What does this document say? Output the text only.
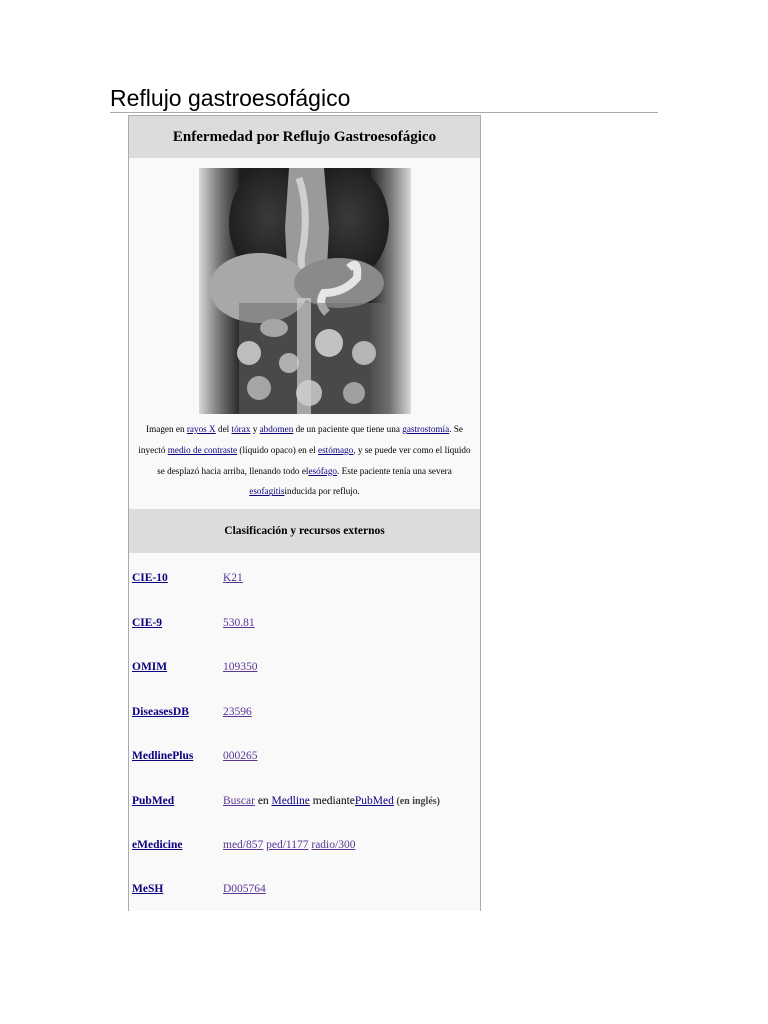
Reflujo gastroesofágico
Enfermedad por Reflujo Gastroesofágico
Imagen en rayos X del tórax y abdomen de un paciente que tiene una gastrostomía. Se inyectó medio de contraste (líquido opaco) en el estómago, y se puede ver como el líquido se desplazó hacia arriba, llenando todo elesófago. Este paciente tenía una severa esofagitisinducida por reflujo.
Clasificación y recursos externos
CIE-10	K21
CIE-9	530.81
OMIM	109350
DiseasesDB	23596
MedlinePlus	000265
PubMed	Buscar en Medline mediantePubMed (en inglés)
eMedicine	med/857 ped/1177 radio/300
MeSH	D005764
